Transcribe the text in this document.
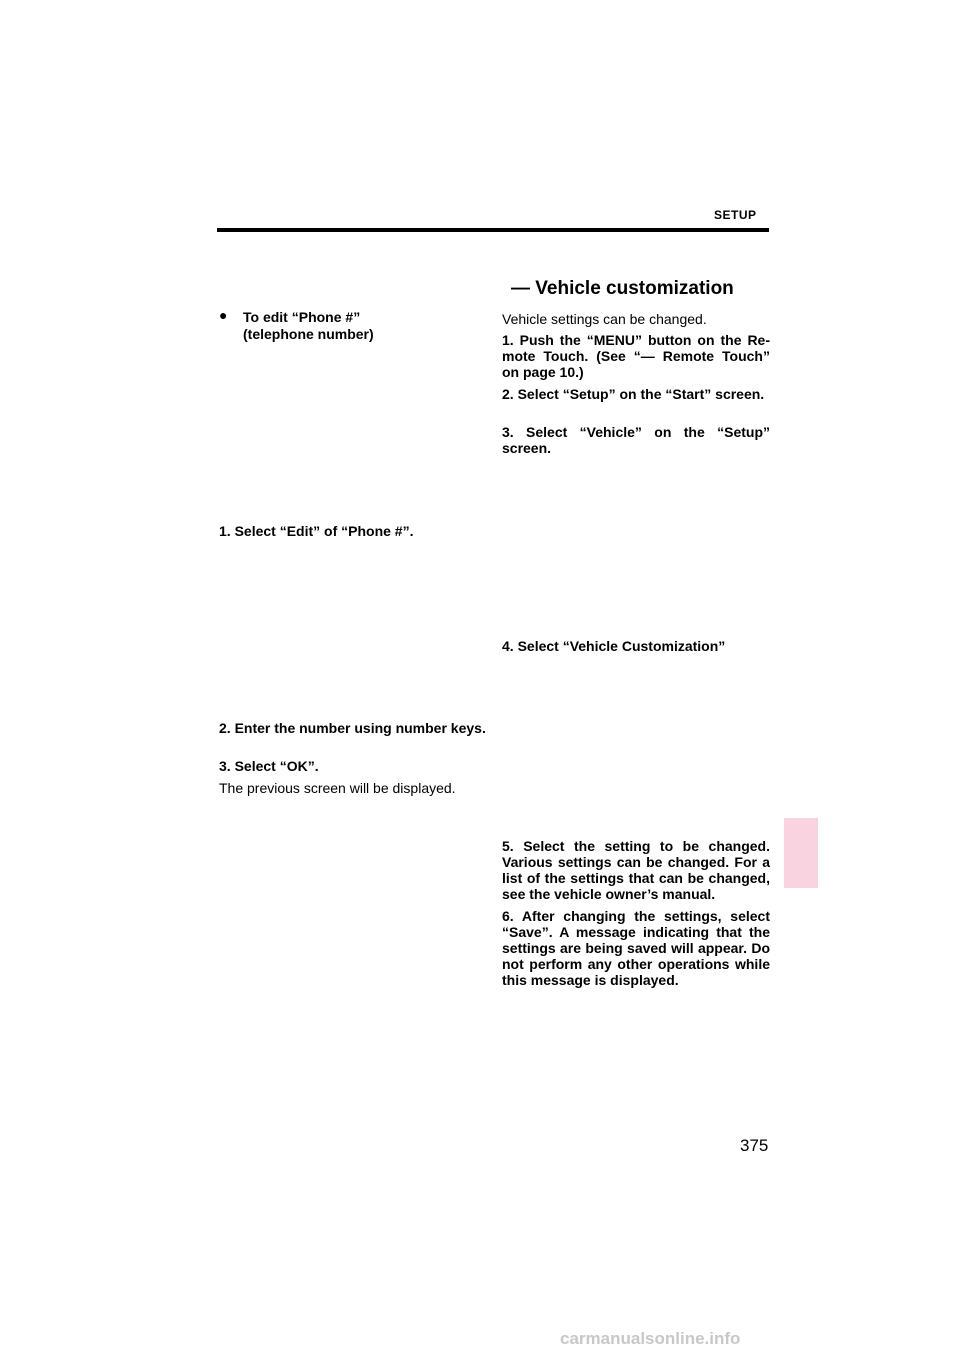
SETUP
— Vehicle customization
● To edit “Phone #”
(telephone number)
1. Select “Edit” of “Phone #”.
2. Enter the number using number keys.
3. Select “OK”.
The previous screen will be displayed.
Vehicle settings can be changed.
1. Push the “MENU” button on the Re-mote Touch. (See “— Remote Touch” on page 10.)
2. Select “Setup” on the “Start” screen.
3. Select “Vehicle” on the “Setup” screen.
4. Select “Vehicle Customization”
5. Select the setting to be changed. Various settings can be changed. For a list of the settings that can be changed, see the vehicle owner’s manual.
6. After changing the settings, select “Save”. A message indicating that the settings are being saved will appear. Do not perform any other operations while this message is displayed.
375
carmanualsonline.info
